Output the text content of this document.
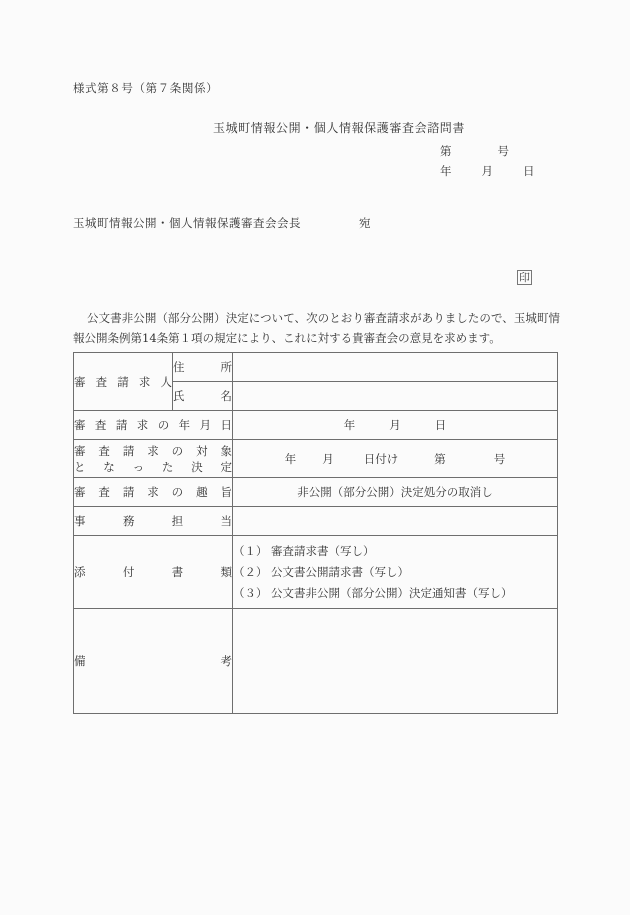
様式第８号（第７条関係）
玉城町情報公開・個人情報保護審査会諮問書
第	号
年	月	日
玉城町情報公開・個人情報保護審査会会長	宛
印
公文書非公開（部分公開）決定について、次のとおり審査請求がありましたので、玉城町情報公開条例第14条第１項の規定により、これに対する貴審査会の意見を求めます。
審査請求人	住所	
	氏名	
審査請求の年月日		年 月 日

審査請求の対象
となった決定		年 月 日付け 第 号
審査請求の趣旨		非公開（部分公開）決定処分の取消し
事務担当		
添付書類		（１） 審査請求書（写し）
（２） 公文書公開請求書（写し）
（３） 公文書非公開（部分公開）決定通知書（写し）

備考		
